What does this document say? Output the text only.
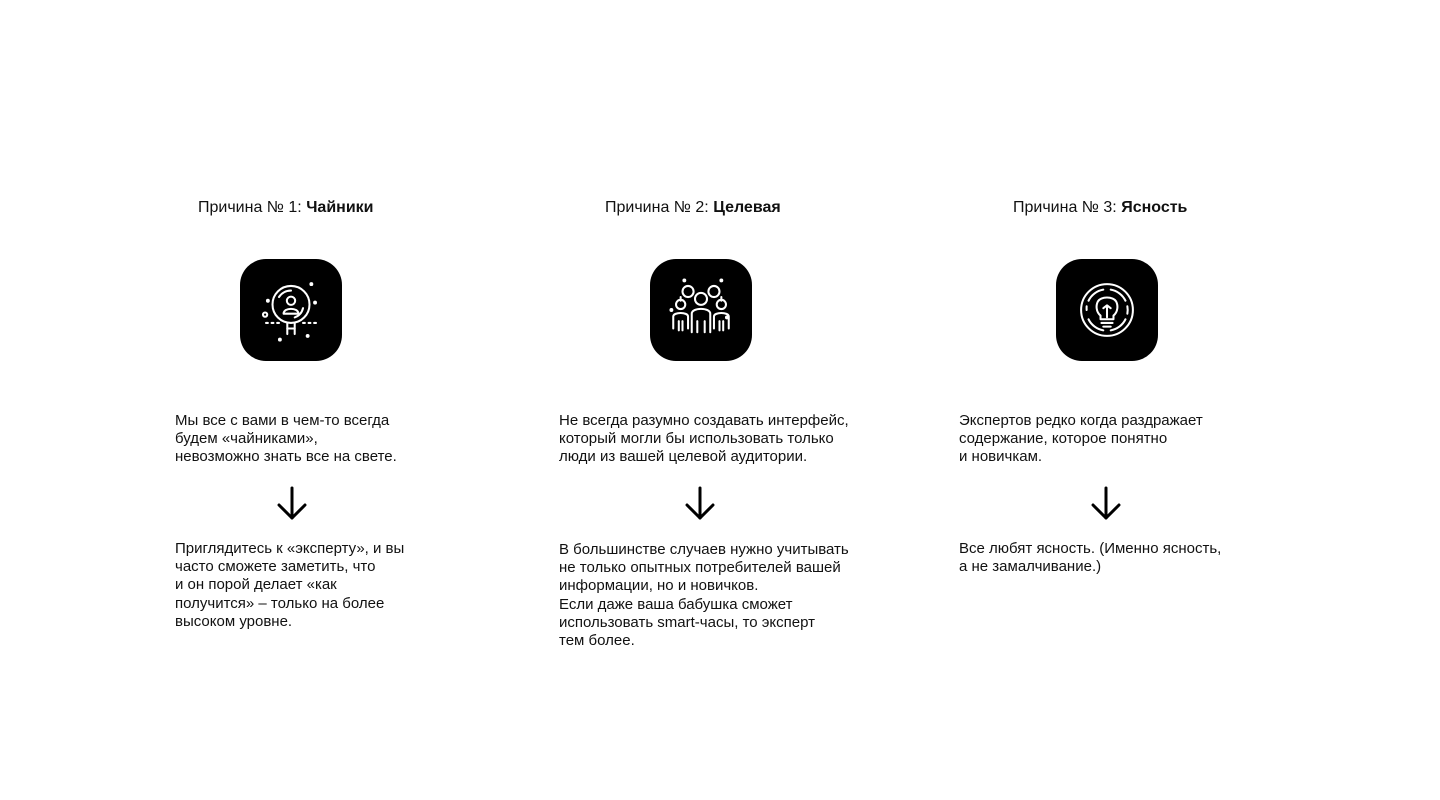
Причина № 1: Чайники
Мы все с вами в чем-то всегда
будем «чайниками»,
невозможно знать все на свете.
Приглядитесь к «эксперту», и вы
часто сможете заметить, что
и он порой делает «как
получится» – только на более
высоком уровне.
Причина № 2: Целевая
Не всегда разумно создавать интерфейс,
который могли бы использовать только
люди из вашей целевой аудитории.
В большинстве случаев нужно учитывать
не только опытных потребителей вашей
информации, но и новичков.
Если даже ваша бабушка сможет
использовать smart-часы, то эксперт
тем более.
Причина № 3: Ясность
Экспертов редко когда раздражает
содержание, которое понятно
и новичкам.
Все любят ясность. (Именно ясность,
а не замалчивание.)
